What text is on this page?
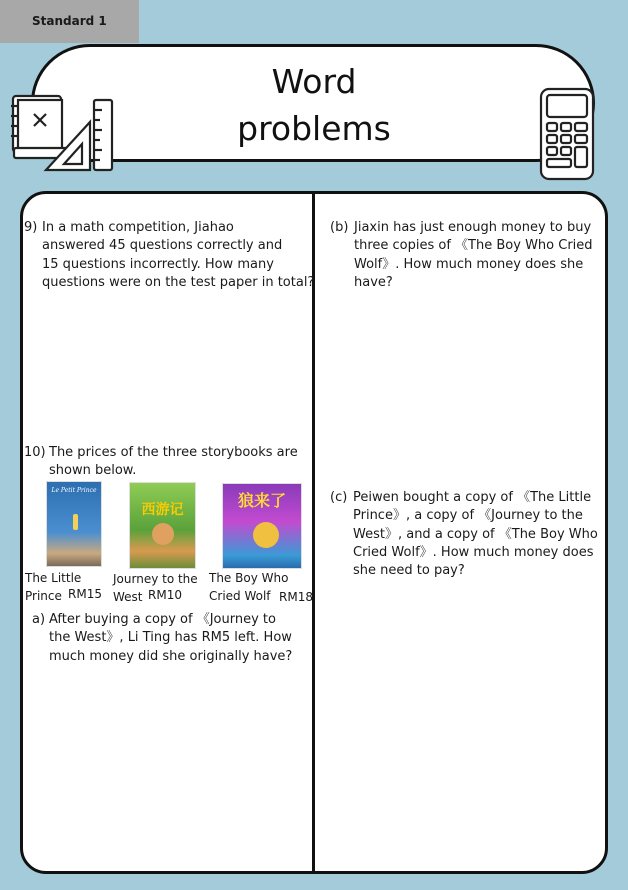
Standard 1
Word
problems
9) In a math competition, Jiahao
answered 45 questions correctly and
15 questions incorrectly. How many
questions were on the test paper in total?
10) The prices of the three storybooks are
shown below.
Le Petit Prince
西游记	狼来了
The Little
Prince RM15
Journey to the
West RM10
The Boy Who
Cried Wolf RM18
a) After buying a copy of 《Journey to
the West》, Li Ting has RM5 left. How
much money did she originally have?
(b) Jiaxin has just enough money to buy
three copies of 《The Boy Who Cried
Wolf》. How much money does she
have?
(c) Peiwen bought a copy of 《The Little
Prince》, a copy of 《Journey to the
West》, and a copy of 《The Boy Who
Cried Wolf》. How much money does
she need to pay?
